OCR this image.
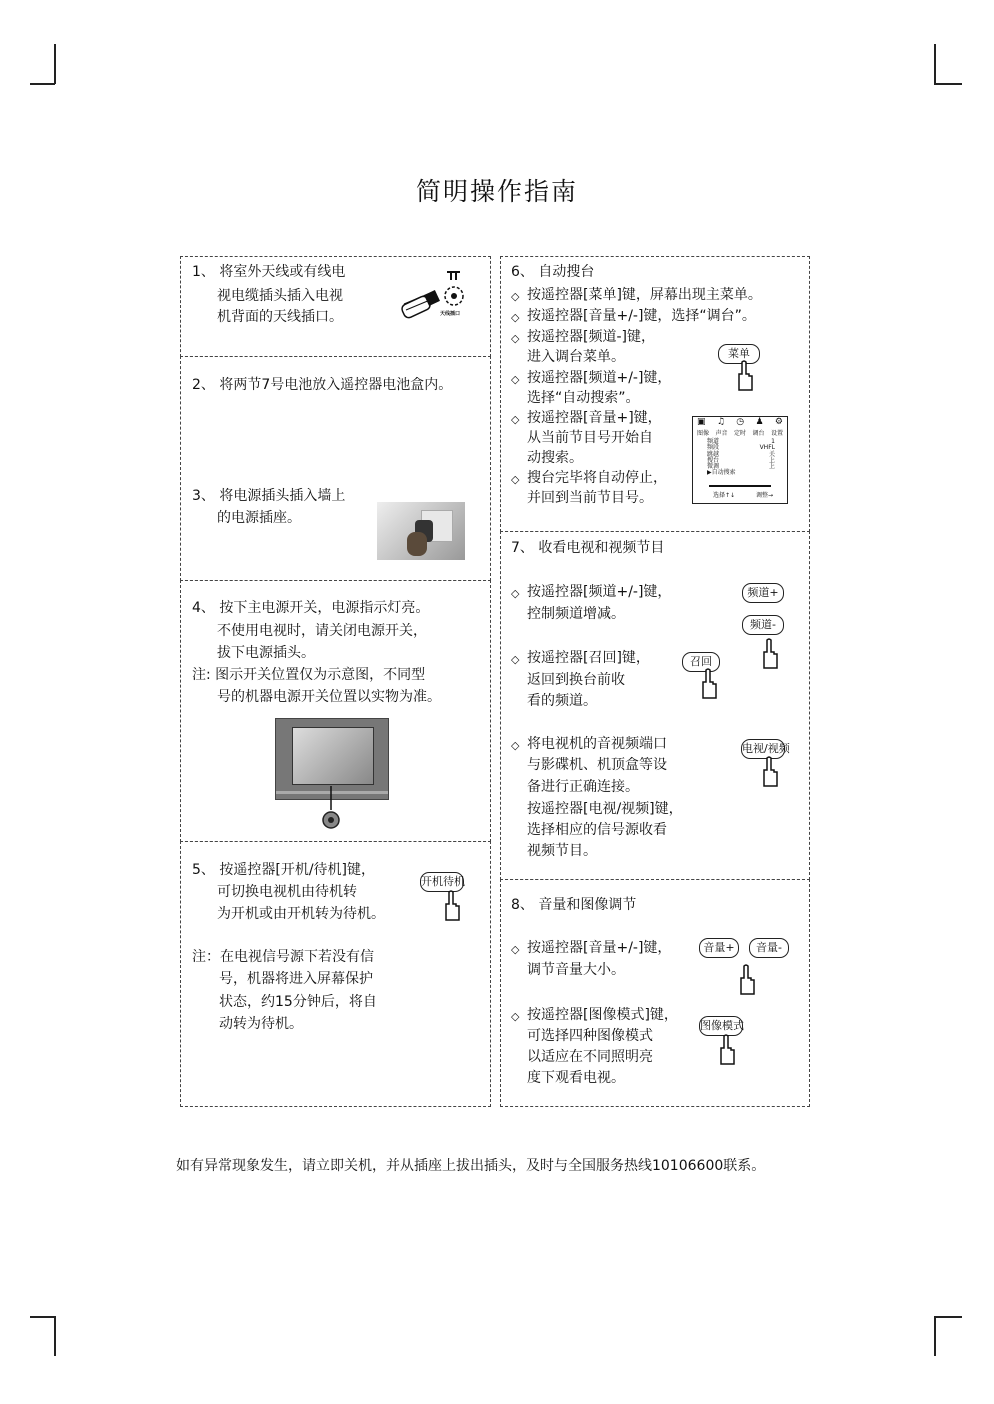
简明操作指南
1、 将室外天线或有线电
视电缆插头插入电视
机背面的天线插口。	天线插口
2、 将两节7号电池放入遥控器电池盒内。
3、 将电源插头插入墙上
的电源插座。
4、 按下主电源开关，电源指示灯亮。
不使用电视时，请关闭电源开关，
拔下电源插头。
注: 图示开关位置仅为示意图，不同型
号的机器电源开关位置以实物为准。
5、 按遥控器[开机/待机]键，
可切换电视机由待机转
为开机或由开机转为待机。
开机待机
注：在电视信号源下若没有信
号，机器将进入屏幕保护
状态，约15分钟后，将自
动转为待机。
6、 自动搜台
◇ 按遥控器[菜单]键，屏幕出现主菜单。
◇ 按遥控器[音量+/-]键，选择“调台”。
◇ 按遥控器[频道-]键，
进入调台菜单。
◇ 按遥控器[频道+/-]键，
选择“自动搜索”。
◇ 按遥控器[音量+]键，
从当前节目号开始自
动搜索。
◇ 搜台完毕将自动停止，
并回到当前节目号。
菜单
▣ ♫ ◷ ♟ ⚙
图像 声音 定时 调台 设置
频道	1
频段	VHFL
跳越	关
搜台	上
微调	上
▶自动搜索
选择↑↓	调整→
7、 收看电视和视频节目
◇ 按遥控器[频道+/-]键，
控制频道增减。
频道+
频道-
◇ 按遥控器[召回]键，
返回到换台前收
看的频道。
召回
◇ 将电视机的音视频端口
与影碟机、机顶盒等设
备进行正确连接。
按遥控器[电视/视频]键，
选择相应的信号源收看
视频节目。
电视/视频
8、 音量和图像调节
◇ 按遥控器[音量+/-]键，
调节音量大小。
音量+	音量-
◇ 按遥控器[图像模式]键，
可选择四种图像模式
以适应在不同照明亮
度下观看电视。
图像模式
如有异常现象发生，请立即关机，并从插座上拔出插头，及时与全国服务热线10106600联系。
